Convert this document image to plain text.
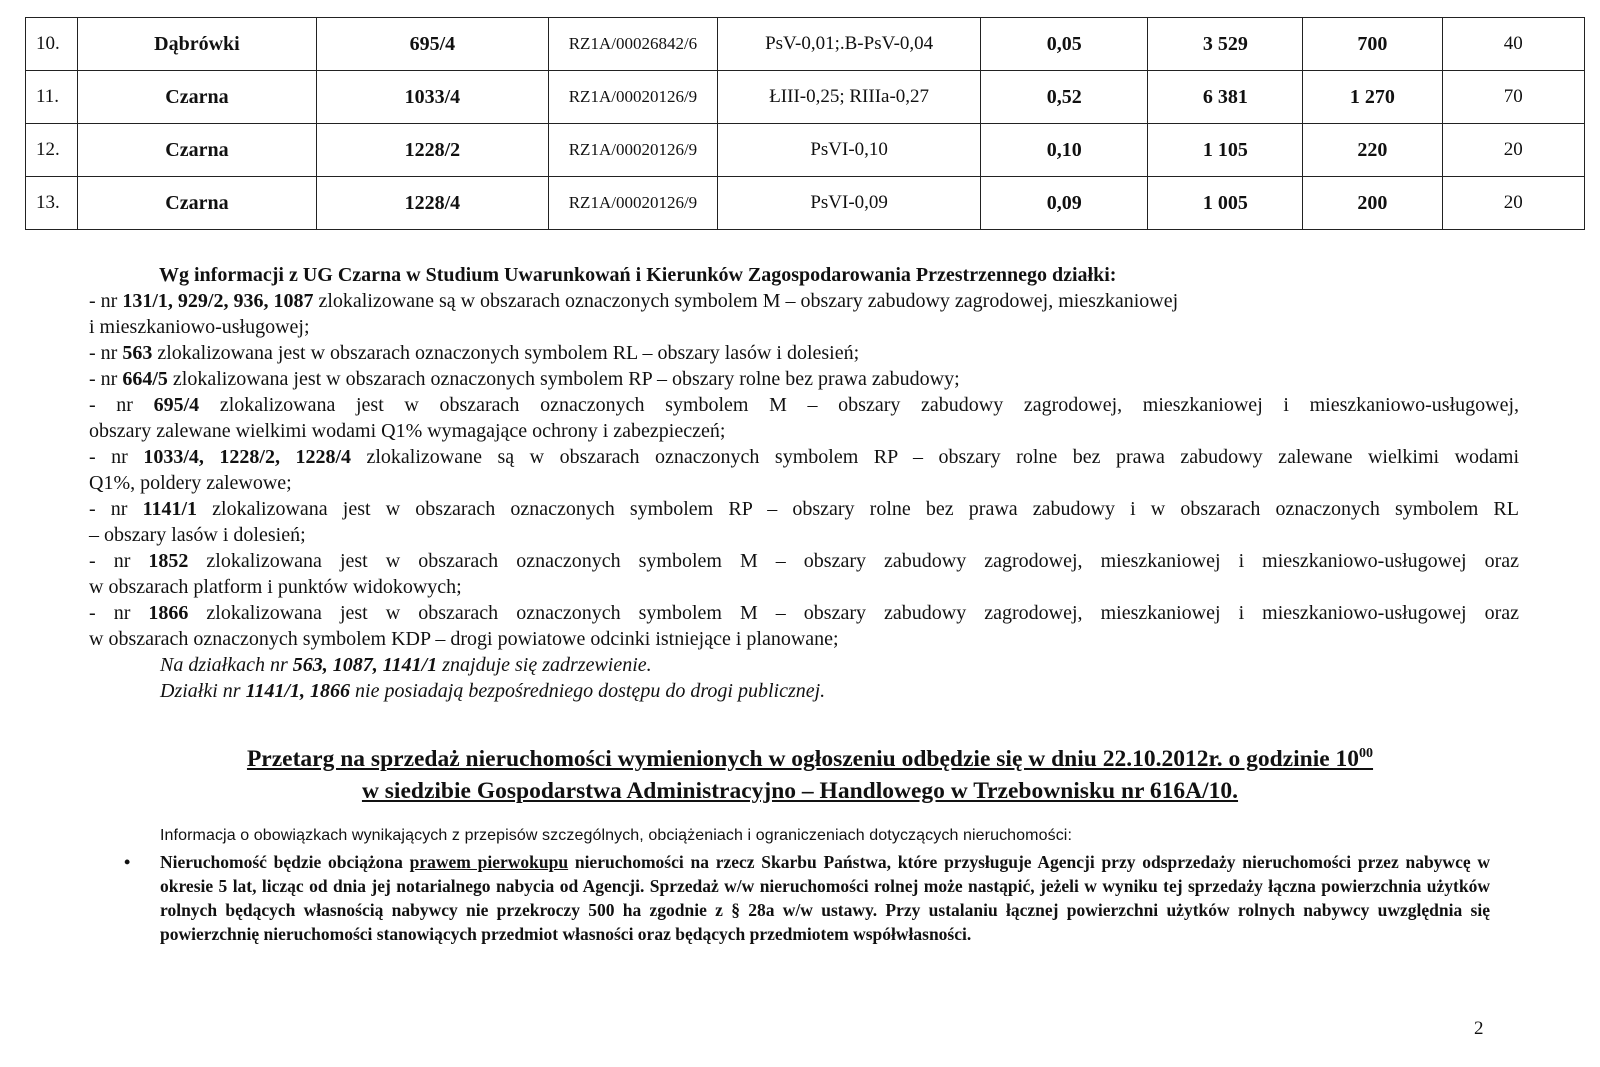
10.	Dąbrówki	695/4	RZ1A/00026842/6	PsV-0,01;.B-PsV-0,04	0,05	3 529	700	40
11.	Czarna	1033/4	RZ1A/00020126/9	ŁIII-0,25; RIIIa-0,27	0,52	6 381	1 270	70
12.	Czarna	1228/2	RZ1A/00020126/9	PsVI-0,10	0,10	1 105	220	20
13.	Czarna	1228/4	RZ1A/00020126/9	PsVI-0,09	0,09	1 005	200	20
Wg informacji z UG Czarna w Studium Uwarunkowań i Kierunków Zagospodarowania Przestrzennego działki:
- nr 131/1, 929/2, 936, 1087 zlokalizowane są w obszarach oznaczonych symbolem M – obszary zabudowy zagrodowej, mieszkaniowej
i mieszkaniowo-usługowej;
- nr 563 zlokalizowana jest w obszarach oznaczonych symbolem RL – obszary lasów i dolesień;
- nr 664/5 zlokalizowana jest w obszarach oznaczonych symbolem RP – obszary rolne bez prawa zabudowy;
- nr 695/4 zlokalizowana jest w obszarach oznaczonych symbolem M – obszary zabudowy zagrodowej, mieszkaniowej i mieszkaniowo-usługowej,
obszary zalewane wielkimi wodami Q1% wymagające ochrony i zabezpieczeń;
- nr 1033/4, 1228/2, 1228/4 zlokalizowane są w obszarach oznaczonych symbolem RP – obszary rolne bez prawa zabudowy zalewane wielkimi wodami
Q1%, poldery zalewowe;
- nr 1141/1 zlokalizowana jest w obszarach oznaczonych symbolem RP – obszary rolne bez prawa zabudowy i w obszarach oznaczonych symbolem RL
– obszary lasów i dolesień;
- nr 1852 zlokalizowana jest w obszarach oznaczonych symbolem M – obszary zabudowy zagrodowej, mieszkaniowej i mieszkaniowo-usługowej oraz
w obszarach platform i punktów widokowych;
- nr 1866 zlokalizowana jest w obszarach oznaczonych symbolem M – obszary zabudowy zagrodowej, mieszkaniowej i mieszkaniowo-usługowej oraz
w obszarach oznaczonych symbolem KDP – drogi powiatowe odcinki istniejące i planowane;
Na działkach nr 563, 1087, 1141/1 znajduje się zadrzewienie.
Działki nr 1141/1, 1866 nie posiadają bezpośredniego dostępu do drogi publicznej.
Przetarg na sprzedaż nieruchomości wymienionych w ogłoszeniu odbędzie się w dniu 22.10.2012r. o godzinie $10^{00}$
w siedzibie Gospodarstwa Administracyjno – Handlowego w Trzebownisku nr 616A/10.
Informacja o obowiązkach wynikających z przepisów szczególnych, obciążeniach i ograniczeniach dotyczących nieruchomości:
• Nieruchomość będzie obciążona prawem pierwokupu nieruchomości na rzecz Skarbu Państwa, które przysługuje Agencji przy odsprzedaży nieruchomości przez nabywcę w okresie 5 lat, licząc od dnia jej notarialnego nabycia od Agencji. Sprzedaż w/w nieruchomości rolnej może nastąpić, jeżeli w wyniku tej sprzedaży łączna powierzchnia użytków rolnych będących własnością nabywcy nie przekroczy 500 ha zgodnie z § 28a w/w ustawy. Przy ustalaniu łącznej powierzchni użytków rolnych nabywcy uwzględnia się powierzchnię nieruchomości stanowiących przedmiot własności oraz będących przedmiotem współwłasności.
2
